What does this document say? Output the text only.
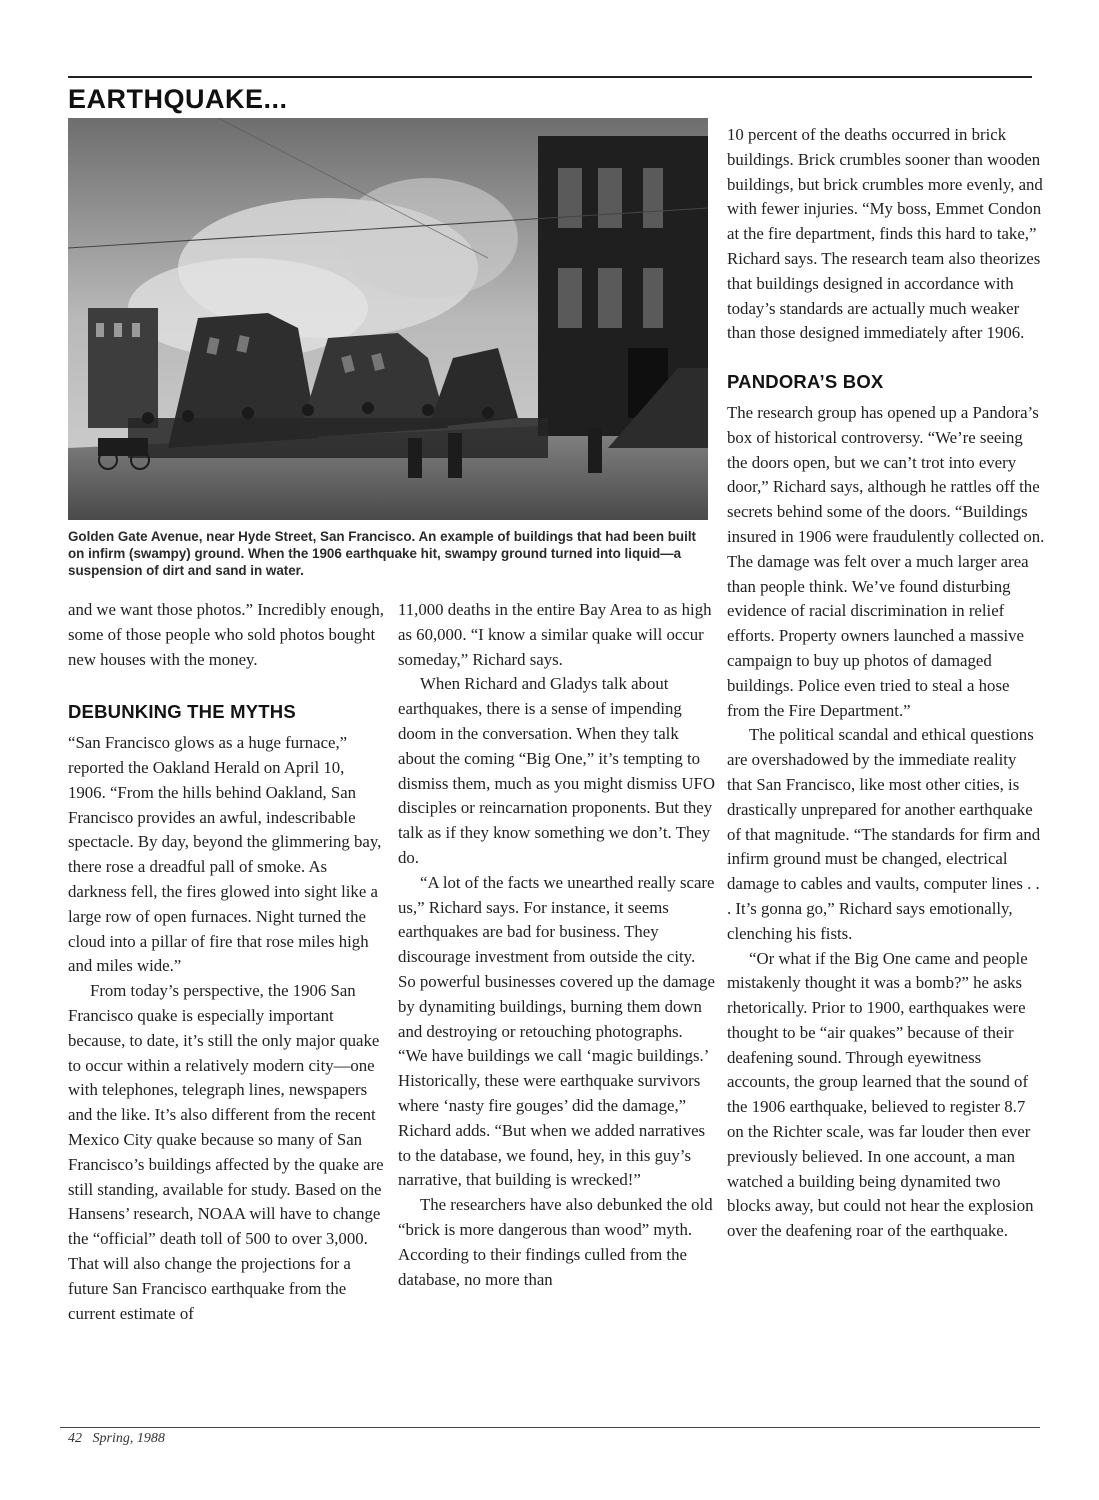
EARTHQUAKE...

Golden Gate Avenue, near Hyde Street, San Francisco. An example of buildings that had been built on infirm (swampy) ground. When the 1906 earthquake hit, swampy ground turned into liquid—a suspension of dirt and sand in water.

and we want those photos.” Incredibly enough, some of those people who sold photos bought new houses with the money.

DEBUNKING THE MYTHS

“San Francisco glows as a huge furnace,” reported the Oakland Herald on April 10, 1906. “From the hills behind Oakland, San Francisco provides an awful, indescribable spectacle. By day, beyond the glimmering bay, there rose a dreadful pall of smoke. As darkness fell, the fires glowed into sight like a large row of open furnaces. Night turned the cloud into a pillar of fire that rose miles high and miles wide.”

From today’s perspective, the 1906 San Francisco quake is especially important because, to date, it’s still the only major quake to occur within a relatively modern city—one with telephones, telegraph lines, newspapers and the like. It’s also different from the recent Mexico City quake because so many of San Francisco’s buildings affected by the quake are still standing, available for study. Based on the Hansens’ research, NOAA will have to change the “official” death toll of 500 to over 3,000. That will also change the projections for a future San Francisco earthquake from the current estimate of

11,000 deaths in the entire Bay Area to as high as 60,000. “I know a similar quake will occur someday,” Richard says.

When Richard and Gladys talk about earthquakes, there is a sense of impending doom in the conversation. When they talk about the coming “Big One,” it’s tempting to dismiss them, much as you might dismiss UFO disciples or reincarnation proponents. But they talk as if they know something we don’t. They do.

“A lot of the facts we unearthed really scare us,” Richard says. For instance, it seems earthquakes are bad for business. They discourage investment from outside the city. So powerful businesses covered up the damage by dynamiting buildings, burning them down and destroying or retouching photographs. “We have buildings we call ‘magic buildings.’ Historically, these were earthquake survivors where ‘nasty fire gouges’ did the damage,” Richard adds. “But when we added narratives to the database, we found, hey, in this guy’s narrative, that building is wrecked!”

The researchers have also debunked the old “brick is more dangerous than wood” myth. According to their findings culled from the database, no more than

10 percent of the deaths occurred in brick buildings. Brick crumbles sooner than wooden buildings, but brick crumbles more evenly, and with fewer injuries. “My boss, Emmet Condon at the fire department, finds this hard to take,” Richard says. The research team also theorizes that buildings designed in accordance with today’s standards are actually much weaker than those designed immediately after 1906.

PANDORA’S BOX

The research group has opened up a Pandora’s box of historical controversy. “We’re seeing the doors open, but we can’t trot into every door,” Richard says, although he rattles off the secrets behind some of the doors. “Buildings insured in 1906 were fraudulently collected on. The damage was felt over a much larger area than people think. We’ve found disturbing evidence of racial discrimination in relief efforts. Property owners launched a massive campaign to buy up photos of damaged buildings. Police even tried to steal a hose from the Fire Department.”

The political scandal and ethical questions are overshadowed by the immediate reality that San Francisco, like most other cities, is drastically unprepared for another earthquake of that magnitude. “The standards for firm and infirm ground must be changed, electrical damage to cables and vaults, computer lines . . . It’s gonna go,” Richard says emotionally, clenching his fists.

“Or what if the Big One came and people mistakenly thought it was a bomb?” he asks rhetorically. Prior to 1900, earthquakes were thought to be “air quakes” because of their deafening sound. Through eyewitness accounts, the group learned that the sound of the 1906 earthquake, believed to register 8.7 on the Richter scale, was far louder then ever previously believed. In one account, a man watched a building being dynamited two blocks away, but could not hear the explosion over the deafening roar of the earthquake.

42 Spring, 1988
